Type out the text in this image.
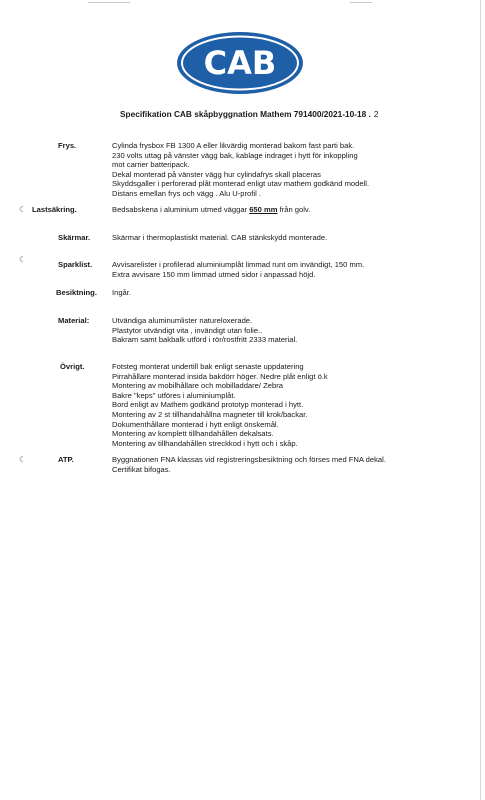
CAB
Specifikation CAB skåpbyggnation Mathem 791400/2021-10-18 . 2
Frys.	Cylinda frysbox FB 1300 A eller likvärdig monterad bakom fast parti bak.
230 volts uttag på vänster vägg bak, kablage indraget i hytt för inkoppling
mot carrier batteripack.
Dekal monterad på vänster vägg hur cylindafrys skall placeras
Skyddsgaller i perforerad plåt monterad enligt utav mathem godkänd modell.
Distans emellan frys och vägg . Alu U-profil .
Lastsäkring.	Bedsabskena i aluminium utmed väggar 650 mm från golv.
Skärmar.	Skärmar i thermoplastiskt material. CAB stänkskydd monterade.
Sparklist.	Avvisarelister i profilerad aluminiumplåt limmad runt om invändigt, 150 mm.
Extra avvisare 150 mm limmad utmed sidor i anpassad höjd.
Besiktning.	Ingår.
Material:	Utvändiga aluminumlister natureloxerade.
Plastytor utvändigt vita , invändigt utan folie..
Bakram samt bakbalk utförd i rör/rostfritt 2333 material.
Övrigt.	Fotsteg monterat undertill bak enligt senaste uppdatering
Pirrahållare monterad insida bakdörr höger. Nedre plåt enligt ö.k
Montering av mobilhållare och mobilladdare/ Zebra
Bakre "keps" utföres i aluminiumplåt.
Bord enligt av Mathem godkänd prototyp monterad i hytt.
Montering av 2 st tillhandahållna magneter till krok/backar.
Dokumenthållare monterad i hytt enligt önskemål.
Montering av komplett tillhandahållen dekalsats.
Montering av tillhandahållen streckkod i hytt och i skåp.
ATP.	Byggnationen FNA klassas vid registreringsbesiktning och förses med FNA dekal.
Certifikat bifogas.
